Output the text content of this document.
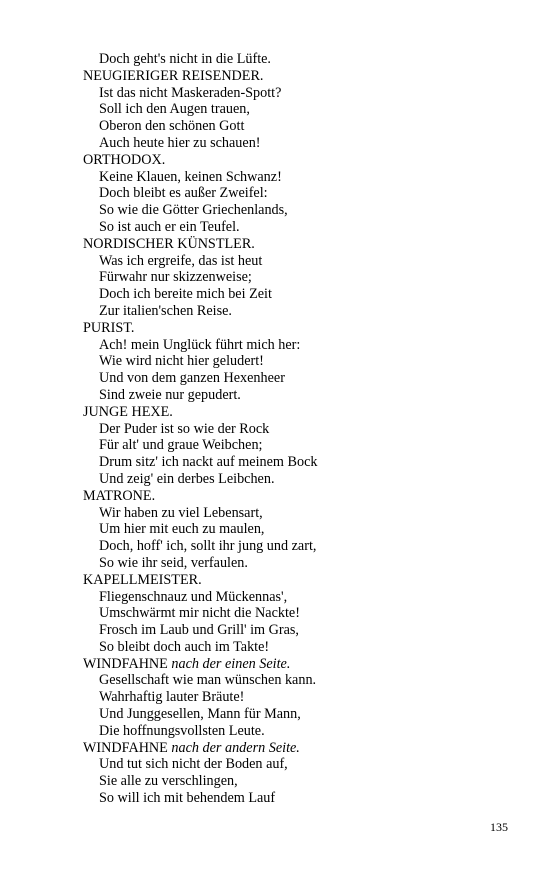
Doch geht's nicht in die Lüfte.
NEUGIERIGER REISENDER.
Ist das nicht Maskeraden-Spott?
Soll ich den Augen trauen,
Oberon den schönen Gott
Auch heute hier zu schauen!
ORTHODOX.
Keine Klauen, keinen Schwanz!
Doch bleibt es außer Zweifel:
So wie die Götter Griechenlands,
So ist auch er ein Teufel.
NORDISCHER KÜNSTLER.
Was ich ergreife, das ist heut
Fürwahr nur skizzenweise;
Doch ich bereite mich bei Zeit
Zur italien'schen Reise.
PURIST.
Ach! mein Unglück führt mich her:
Wie wird nicht hier geludert!
Und von dem ganzen Hexenheer
Sind zweie nur gepudert.
JUNGE HEXE.
Der Puder ist so wie der Rock
Für alt' und graue Weibchen;
Drum sitz' ich nackt auf meinem Bock
Und zeig' ein derbes Leibchen.
MATRONE.
Wir haben zu viel Lebensart,
Um hier mit euch zu maulen,
Doch, hoff' ich, sollt ihr jung und zart,
So wie ihr seid, verfaulen.
KAPELLMEISTER.
Fliegenschnauz und Mückennas',
Umschwärmt mir nicht die Nackte!
Frosch im Laub und Grill' im Gras,
So bleibt doch auch im Takte!
WINDFAHNE nach der einen Seite.
Gesellschaft wie man wünschen kann.
Wahrhaftig lauter Bräute!
Und Junggesellen, Mann für Mann,
Die hoffnungsvollsten Leute.
WINDFAHNE nach der andern Seite.
Und tut sich nicht der Boden auf,
Sie alle zu verschlingen,
So will ich mit behendem Lauf
135
